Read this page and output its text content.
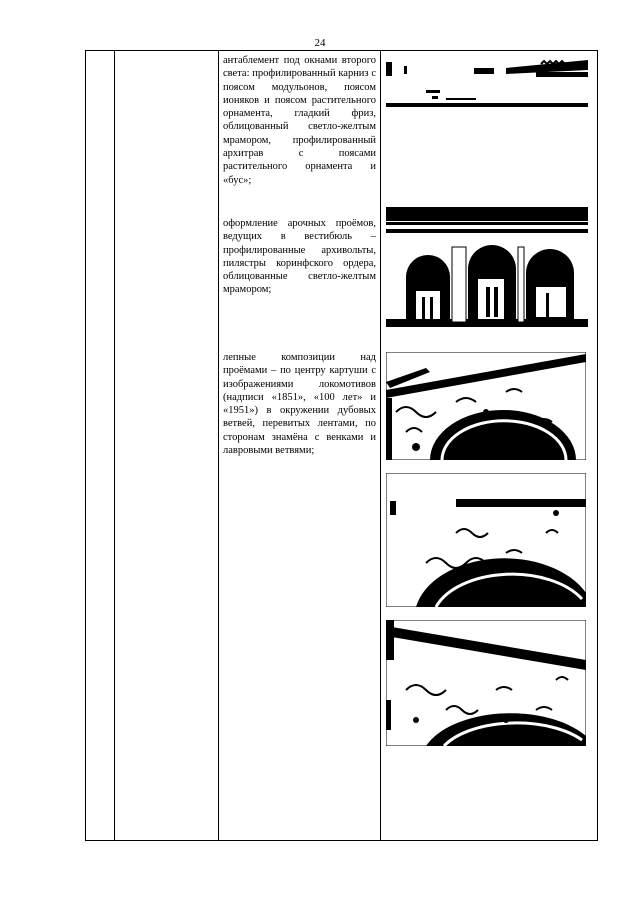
24

антаблемент под окнами второго света: профилированный карниз с поясом модульонов, поясом ионяков и поясом растительного орнамента, гладкий фриз, облицованный светло-желтым мрамором, профилированный архитрав с поясами растительного орнамента и «бус»;

оформление арочных проёмов, ведущих в вестибюль – профилированные архивольты, пилястры коринфского ордера, облицованные светло-желтым мрамором;

лепные композиции над проёмами – по центру картуши с изображениями локомотивов (надписи «1851», «100 лет» и «1951») в окружении дубовых ветвей, перевитых лентами, по сторонам знамёна с венками и лавровыми ветвями;
